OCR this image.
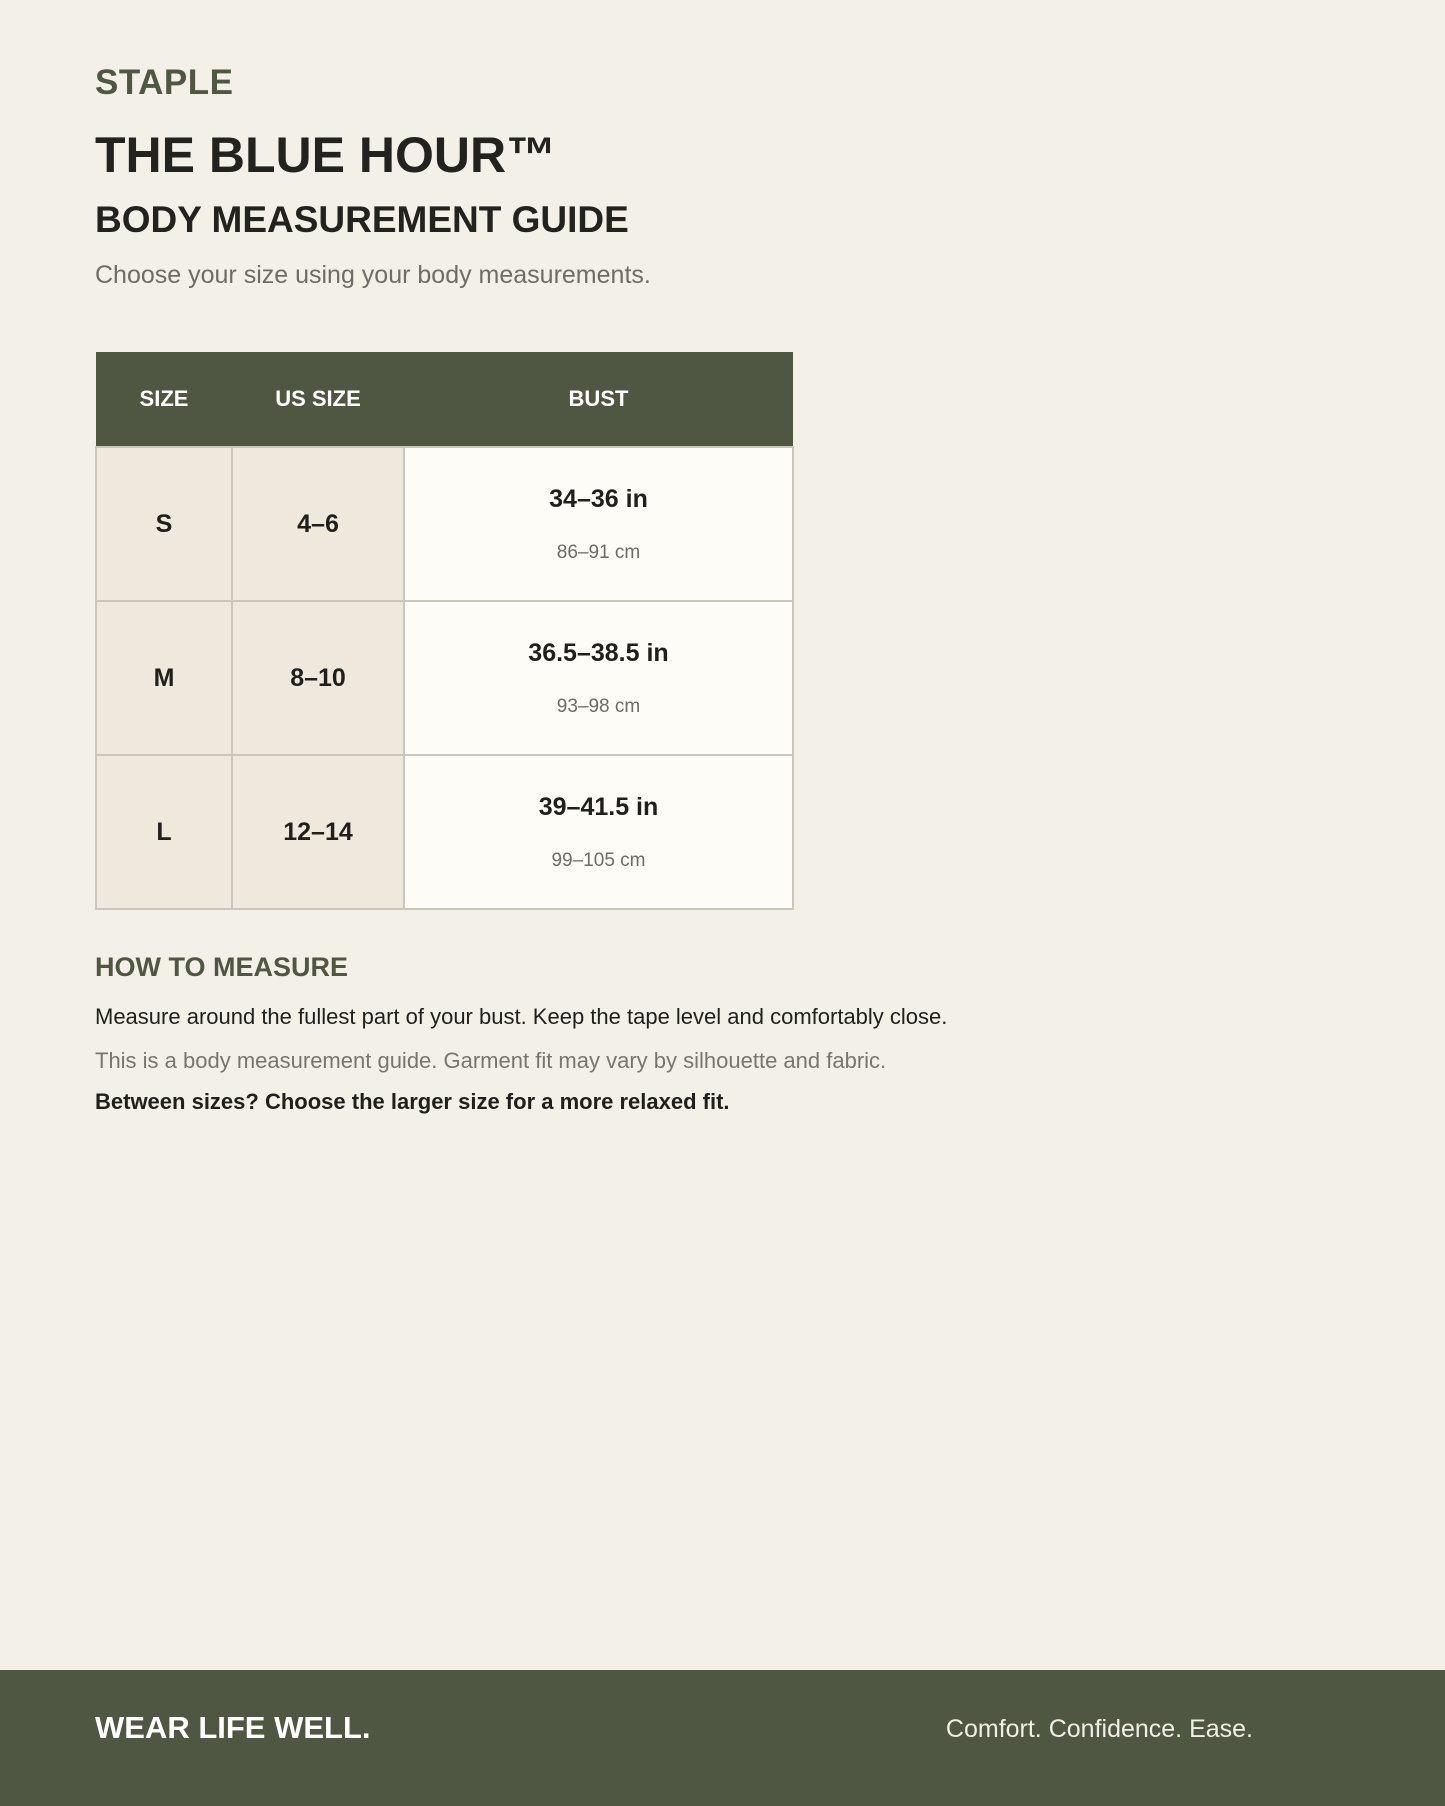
STAPLE
THE BLUE HOUR™
BODY MEASUREMENT GUIDE
Choose your size using your body measurements.
SIZE	US SIZE	BUST
S	4–6	34–36 in
86–91 cm

M	8–10	36.5–38.5 in
93–98 cm

L	12–14	39–41.5 in
99–105 cm
HOW TO MEASURE
Measure around the fullest part of your bust. Keep the tape level and comfortably close.
This is a body measurement guide. Garment fit may vary by silhouette and fabric.
Between sizes? Choose the larger size for a more relaxed fit.
WEAR LIFE WELL.	Comfort. Confidence. Ease.
